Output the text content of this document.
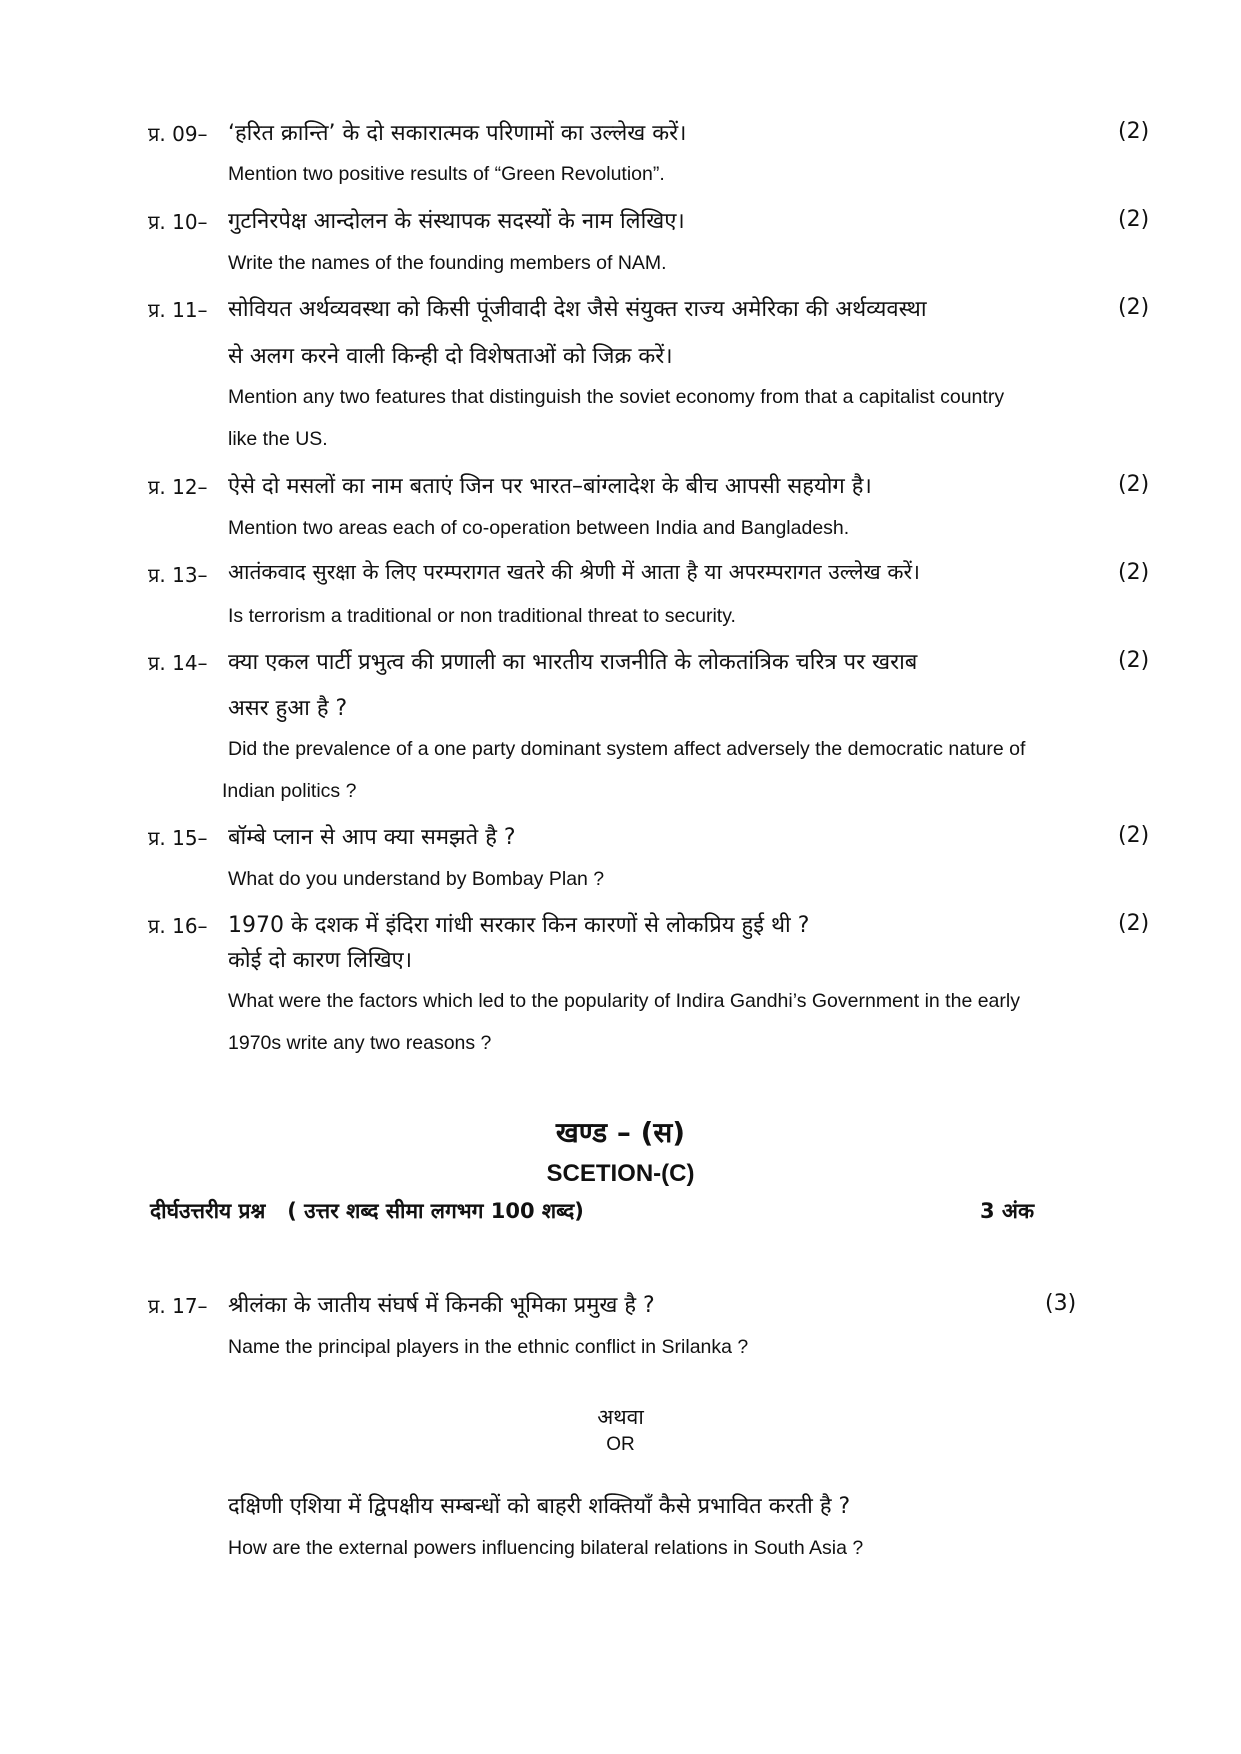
प्र. 09– ‘हरित क्रान्ति’ के दो सकारात्मक परिणामों का उल्लेख करें।	(2)
Mention two positive results of “Green Revolution”.
प्र. 10– गुटनिरपेक्ष आन्दोलन के संस्थापक सदस्यों के नाम लिखिए।	(2)
Write the names of the founding members of NAM.
प्र. 11– सोवियत अर्थव्यवस्था को किसी पूंजीवादी देश जैसे संयुक्त राज्य अमेरिका की अर्थव्यवस्था	(2)
से अलग करने वाली किन्ही दो विशेषताओं को जिक्र करें।
Mention any two features that distinguish the soviet economy from that a capitalist country
like the US.
प्र. 12– ऐसे दो मसलों का नाम बताएं जिन पर भारत–बांग्लादेश के बीच आपसी सहयोग है।	(2)
Mention two areas each of co-operation between India and Bangladesh.
प्र. 13– आतंकवाद सुरक्षा के लिए परम्परागत खतरे की श्रेणी में आता है या अपरम्परागत उल्लेख करें।	(2)
Is terrorism a traditional or non traditional threat to security.
प्र. 14– क्या एकल पार्टी प्रभुत्व की प्रणाली का भारतीय राजनीति के लोकतांत्रिक चरित्र पर खराब	(2)
असर हुआ है ?
Did the prevalence of a one party dominant system affect adversely the democratic nature of
Indian politics ?
प्र. 15– बॉम्बे प्लान से आप क्या समझते है ?	(2)
What do you understand by Bombay Plan ?
प्र. 16– 1970 के दशक में इंदिरा गांधी सरकार किन कारणों से लोकप्रिय हुई थी ?	(2)
कोई दो कारण लिखिए।
What were the factors which led to the popularity of Indira Gandhi’s Government in the early
1970s write any two reasons ?
खण्ड – (स)
SCETION-(C)
दीर्घउत्तरीय प्रश्न   ( उत्तर शब्द सीमा लगभग 100 शब्द)	3 अंक
प्र. 17– श्रीलंका के जातीय संघर्ष में किनकी भूमिका प्रमुख है ?	(3)
Name the principal players in the ethnic conflict in Srilanka ?
अथवा
OR
दक्षिणी एशिया में द्विपक्षीय सम्बन्धों को बाहरी शक्तियाँ कैसे प्रभावित करती है ?
How are the external powers influencing bilateral relations in South Asia ?
